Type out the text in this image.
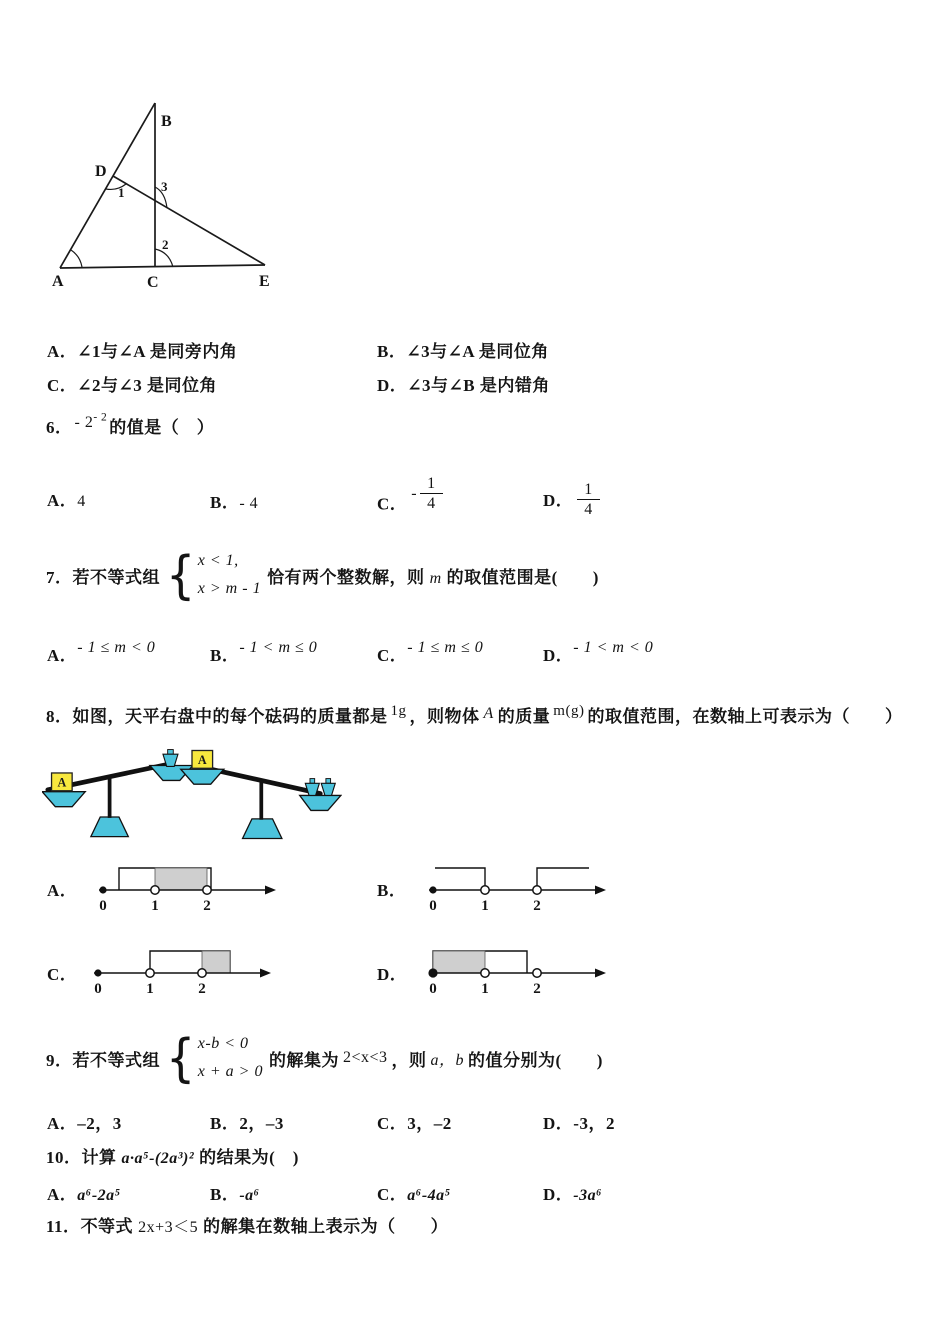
A
B
C
D
E
1	3
2
A．∠1与∠A 是同旁内角	B．∠3与∠A 是同位角
C．∠2与∠3 是同位角	D．∠3与∠B 是内错角
6． - $2^{- 2}$的值是（　）
A．4	B．- 4	C．
- $\frac{1}{4}$	D． $\frac{1}{4}$
7． 若不等式组 { x < 1,
x > m - 1
恰有两个整数解，则 m 的取值范围是(　　)
A．- 1 ≤ m < 0	B．- 1 < m ≤ 0	C．- 1 ≤ m ≤ 0	D．- 1 < m < 0
8．如图，天平右盘中的每个砝码的质量都是 1g ，则物体 A 的质量 m(g) 的取值范围，在数轴上可表示为（　　）
A
A
A．
0	1	2
B．
0	1	2
C．
0	1	2
D．
0	1	2
9． 若不等式组 { x-b < 0
x + a > 0
的解集为 2<x<3 ，则 a，b 的值分别为(　　)
A．–2，3	B．2，–3	C．3，–2	D．-3，2
10．计算 a·a⁵-(2a³)² 的结果为(　)
A．a⁶-2a⁵	B．-a⁶	C．a⁶-4a⁵	D．-3a⁶
11．不等式 2x+3＜5 的解集在数轴上表示为（　　）
